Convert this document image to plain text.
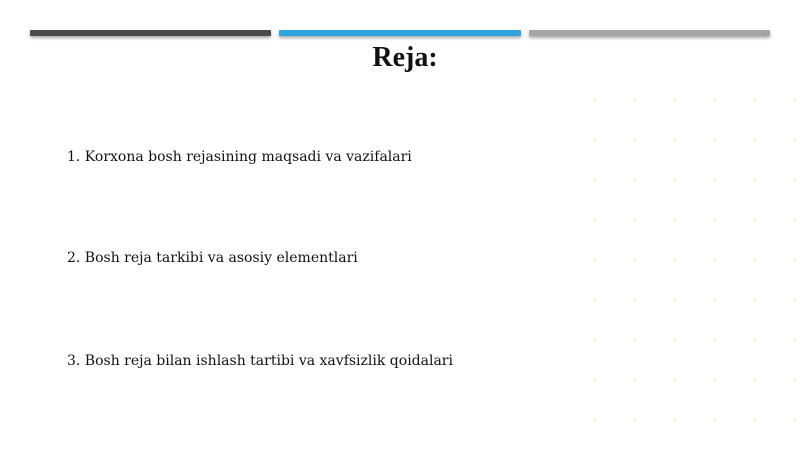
Reja:
1. Korxona bosh rejasining maqsadi va vazifalari
2. Bosh reja tarkibi va asosiy elementlari
3. Bosh reja bilan ishlash tartibi va xavfsizlik qoidalari
